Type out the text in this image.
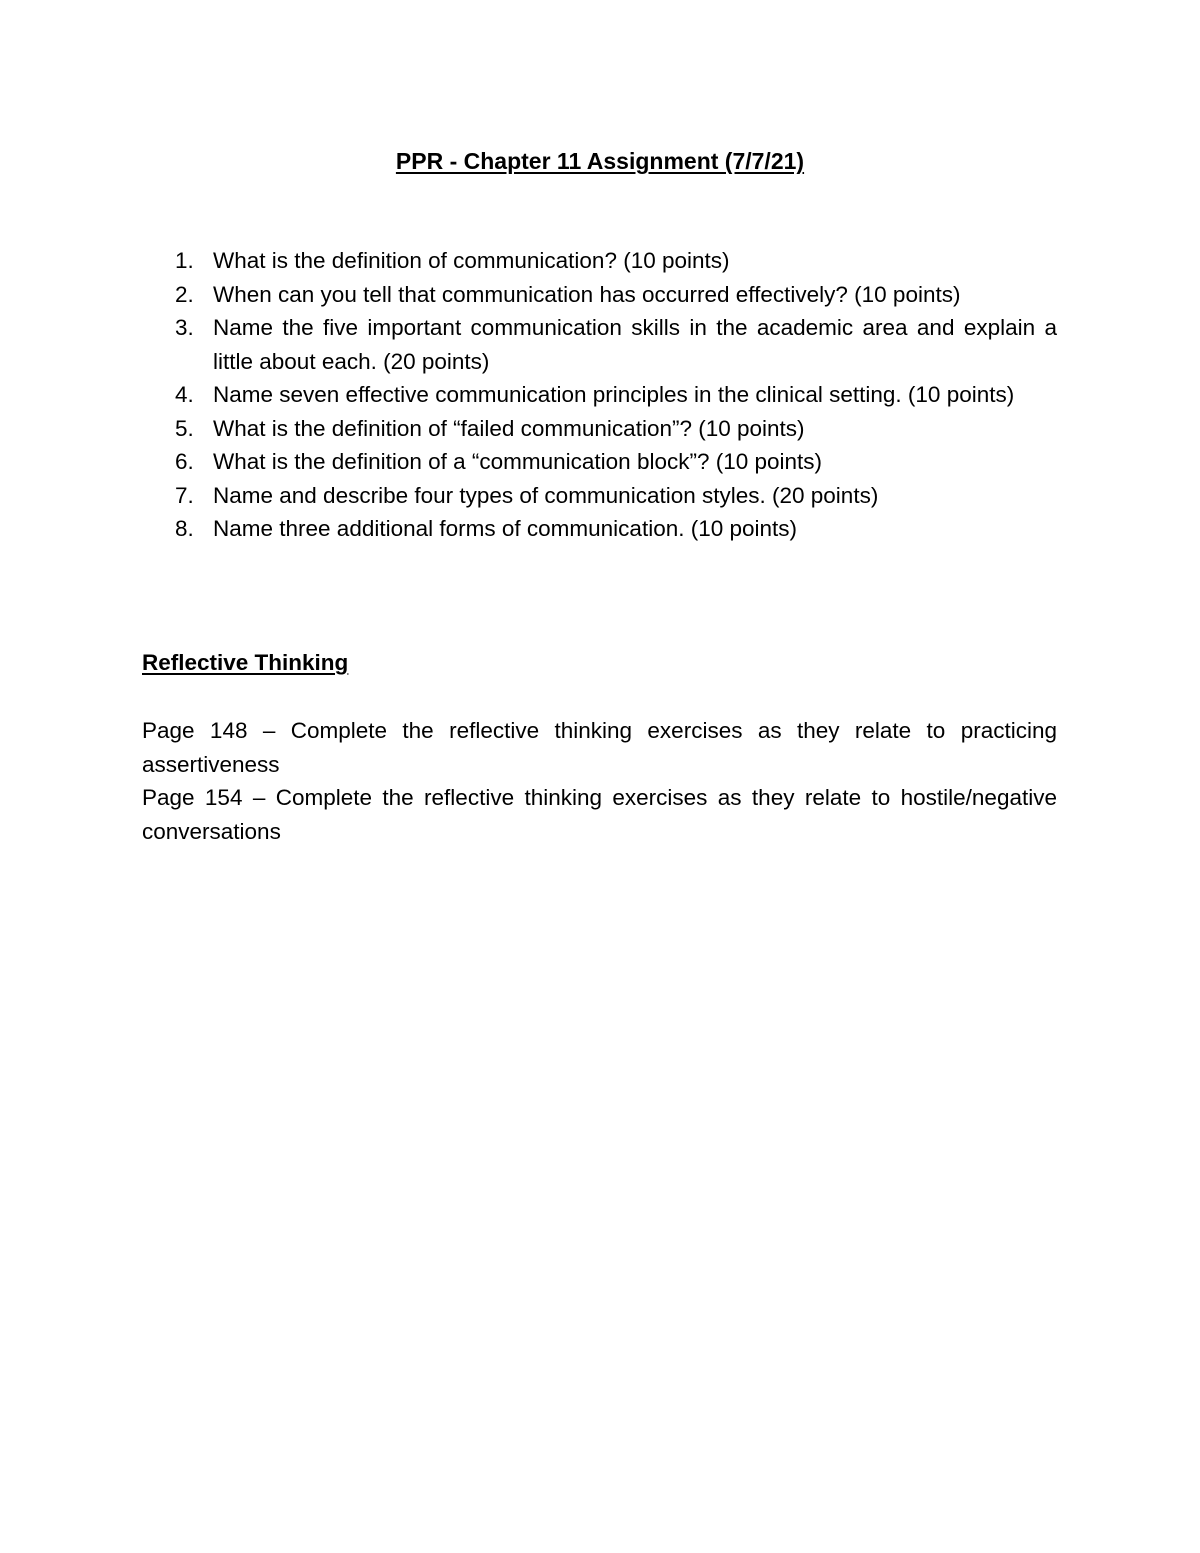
PPR - Chapter 11 Assignment (7/7/21)
1. What is the definition of communication? (10 points)
2. When can you tell that communication has occurred effectively? (10 points)
3. Name the five important communication skills in the academic area and explain a little about each. (20 points)
4. Name seven effective communication principles in the clinical setting. (10 points)
5. What is the definition of “failed communication”? (10 points)
6. What is the definition of a “communication block”? (10 points)
7. Name and describe four types of communication styles. (20 points)
8. Name three additional forms of communication. (10 points)
Reflective Thinking

Page 148 – Complete the reflective thinking exercises as they relate to practicing assertiveness

Page 154 – Complete the reflective thinking exercises as they relate to hostile/negative conversations
